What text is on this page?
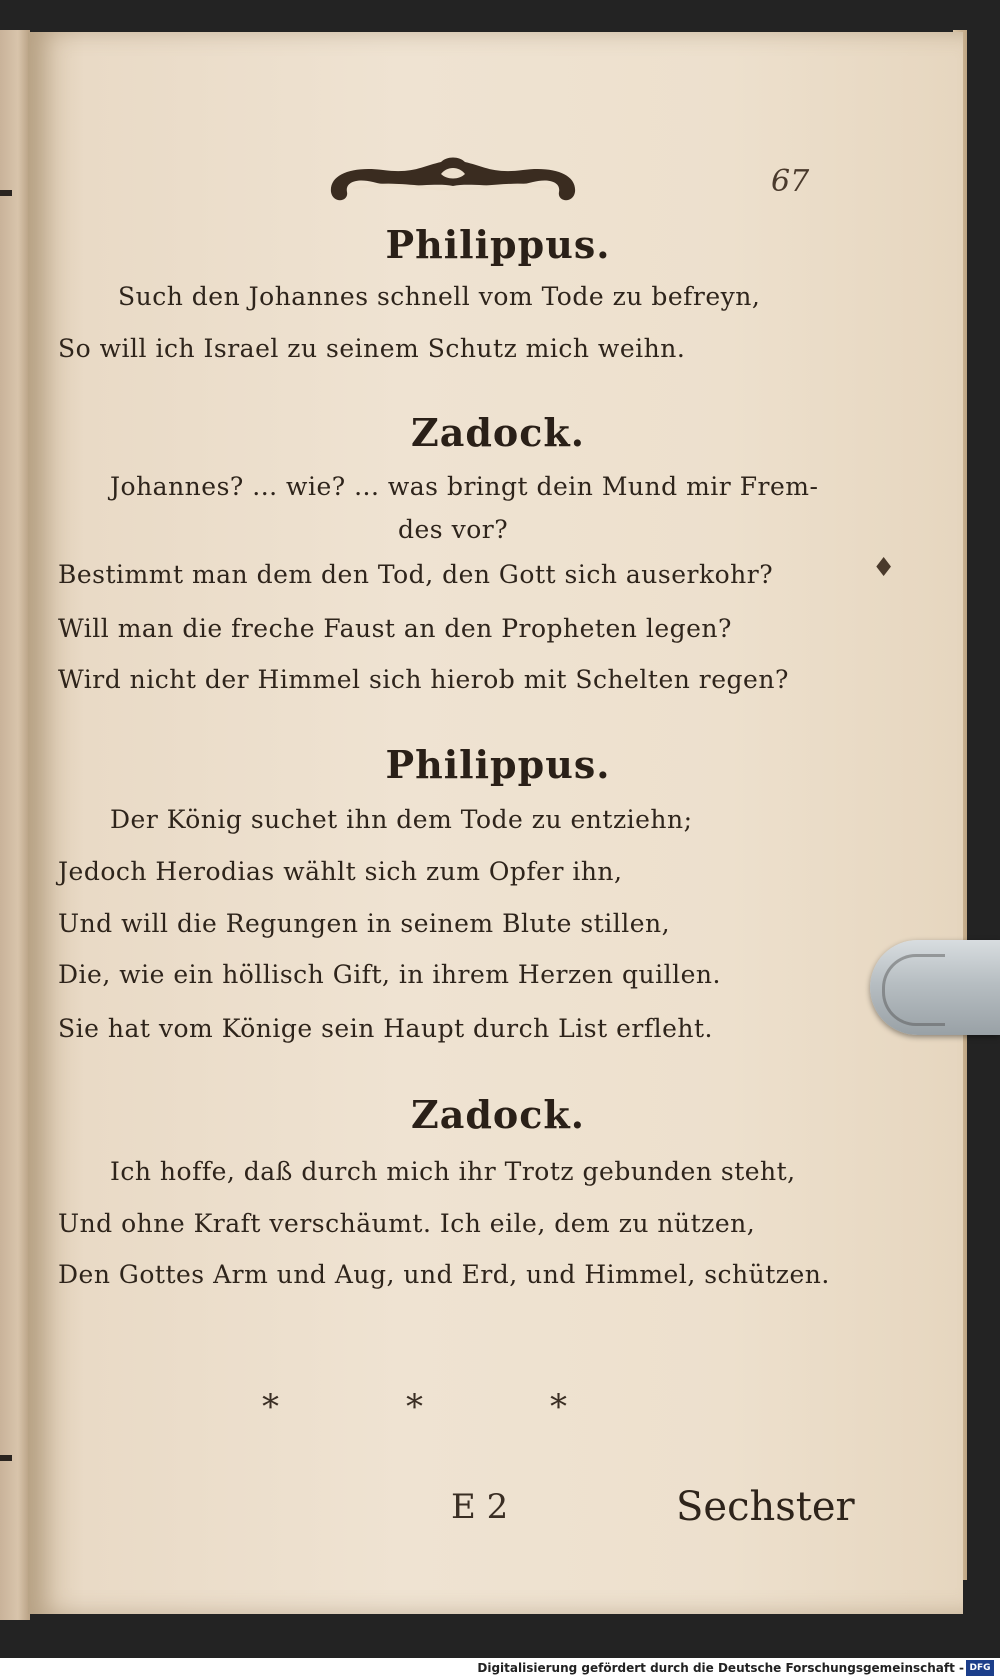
67
Philippus.
Such den Johannes schnell vom Tode zu befreyn,
So will ich Israel zu seinem Schutz mich weihn.
Zadock.
Johannes? ... wie? ... was bringt dein Mund mir Frem-
des vor?
Bestimmt man dem den Tod, den Gott sich auserkohr?
Will man die freche Faust an den Propheten legen?
Wird nicht der Himmel sich hierob mit Schelten regen?
Philippus.
Der König suchet ihn dem Tode zu entziehn;
Jedoch Herodias wählt sich zum Opfer ihn,
Und will die Regungen in seinem Blute stillen,
Die, wie ein höllisch Gift, in ihrem Herzen quillen.
Sie hat vom Könige sein Haupt durch List erfleht.
Zadock.
Ich hoffe, daß durch mich ihr Trotz gebunden steht,
Und ohne Kraft verschäumt. Ich eile, dem zu nützen,
Den Gottes Arm und Aug, und Erd, und Himmel, schützen.
*	*	*
E 2	Sechster
♦
Digitalisierung gefördert durch die Deutsche Forschungsgemeinschaft - DFG
